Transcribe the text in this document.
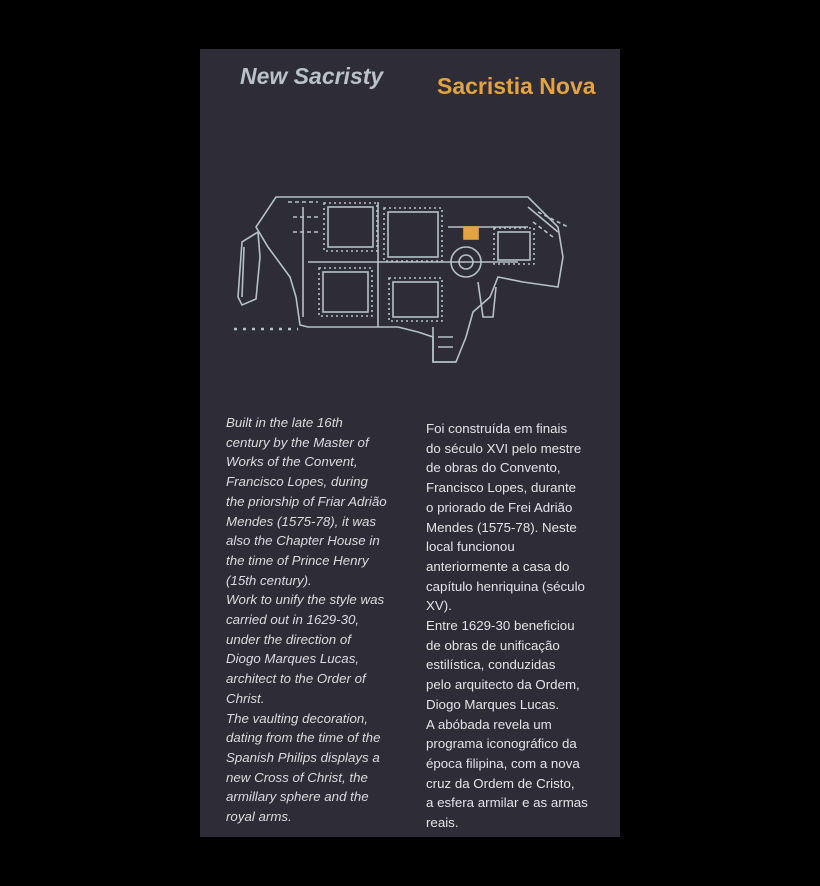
New Sacristy Sacristia Nova

Built in the late 16th

century by the Master of

Works of the Convent,

Francisco Lopes, during

the priorship of Friar Adrião

Mendes (1575-78), it was

also the Chapter House in

the time of Prince Henry

(15th century).

Work to unify the style was

carried out in 1629-30,

under the direction of

Diogo Marques Lucas,

architect to the Order of

Christ.

The vaulting decoration,

dating from the time of the

Spanish Philips displays a

new Cross of Christ, the

armillary sphere and the

royal arms.

Foi construída em finais

do século XVI pelo mestre

de obras do Convento,

Francisco Lopes, durante

o priorado de Frei Adrião

Mendes (1575-78). Neste

local funcionou

anteriormente a casa do

capítulo henriquina (século

XV).

Entre 1629-30 beneficiou

de obras de unificação

estilística, conduzidas

pelo arquitecto da Ordem,

Diogo Marques Lucas.

A abóbada revela um

programa iconográfico da

época filipina, com a nova

cruz da Ordem de Cristo,

a esfera armilar e as armas

reais.
